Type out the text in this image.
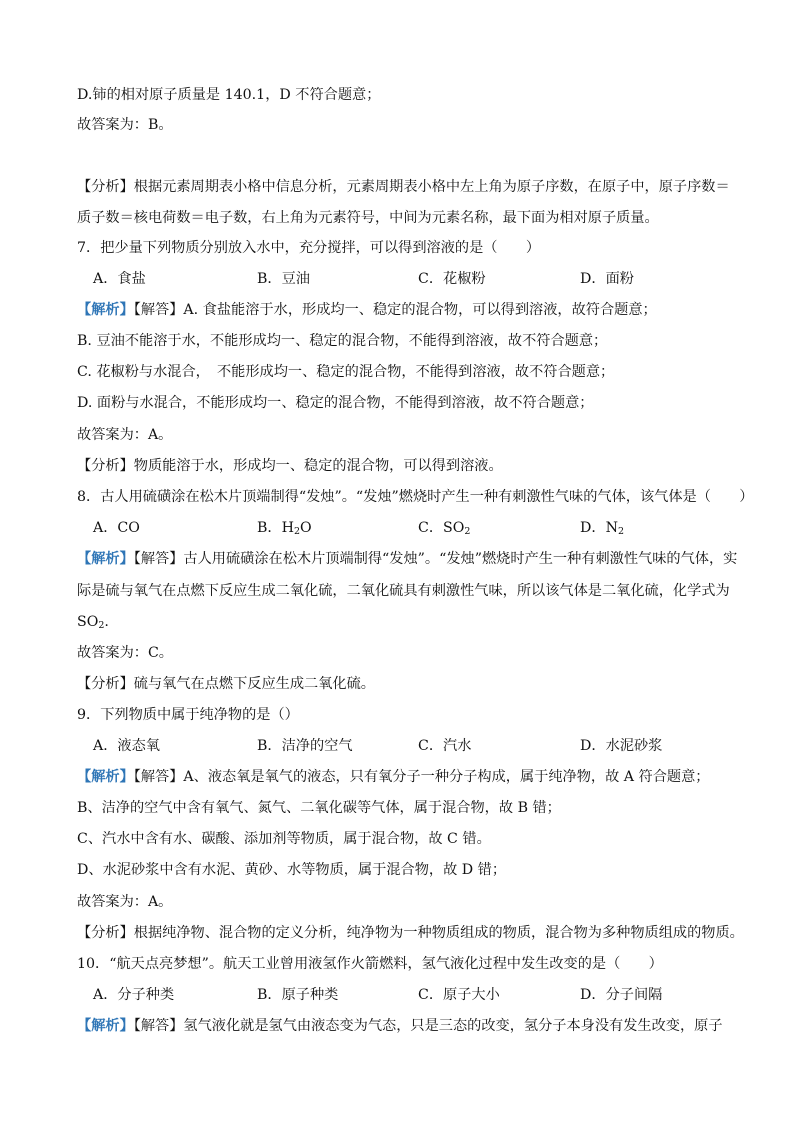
D.铈的相对原子质量是 140.1，D 不符合题意；
故答案为：B。
【分析】根据元素周期表小格中信息分析，元素周期表小格中左上角为原子序数，在原子中，原子序数＝
质子数＝核电荷数＝电子数，右上角为元素符号，中间为元素名称，最下面为相对原子质量。
7．把少量下列物质分别放入水中，充分搅拌，可以得到溶液的是（　　）
A．食盐	B．豆油	C．花椒粉	D．面粉
【解析】【解答】A. 食盐能溶于水，形成均一、稳定的混合物，可以得到溶液，故符合题意；
B. 豆油不能溶于水，不能形成均一、稳定的混合物，不能得到溶液，故不符合题意；
C. 花椒粉与水混合，　不能形成均一、稳定的混合物，不能得到溶液，故不符合题意；
D. 面粉与水混合，不能形成均一、稳定的混合物，不能得到溶液，故不符合题意；
故答案为：A。
【分析】物质能溶于水，形成均一、稳定的混合物，可以得到溶液。
8．古人用硫磺涂在松木片顶端制得“发烛”。“发烛”燃烧时产生一种有刺激性气味的气体，该气体是（　　）
A．CO	B．$H_2O$	C．$SO_2$	D．$N_2$
【解析】【解答】古人用硫磺涂在松木片顶端制得“发烛”。“发烛”燃烧时产生一种有刺激性气味的气体，实
际是硫与氧气在点燃下反应生成二氧化硫，二氧化硫具有刺激性气味，所以该气体是二氧化硫，化学式为
$SO_2$.
故答案为：C。
【分析】硫与氧气在点燃下反应生成二氧化硫。
9．下列物质中属于纯净物的是（）
A．液态氧	B．洁净的空气	C．汽水	D．水泥砂浆
【解析】【解答】A、液态氧是氧气的液态，只有氧分子一种分子构成，属于纯净物，故 A 符合题意；
B、洁净的空气中含有氧气、氮气、二氧化碳等气体，属于混合物，故 B 错；
C、汽水中含有水、碳酸、添加剂等物质，属于混合物，故 C 错。
D、水泥砂浆中含有水泥、黄砂、水等物质，属于混合物，故 D 错；
故答案为：A。
【分析】根据纯净物、混合物的定义分析，纯净物为一种物质组成的物质，混合物为多种物质组成的物质。
10．“航天点亮梦想”。航天工业曾用液氢作火箭燃料，氢气液化过程中发生改变的是（　　）
A．分子种类	B．原子种类	C．原子大小	D．分子间隔
【解析】【解答】氢气液化就是氢气由液态变为气态，只是三态的改变，氢分子本身没有发生改变，原子
